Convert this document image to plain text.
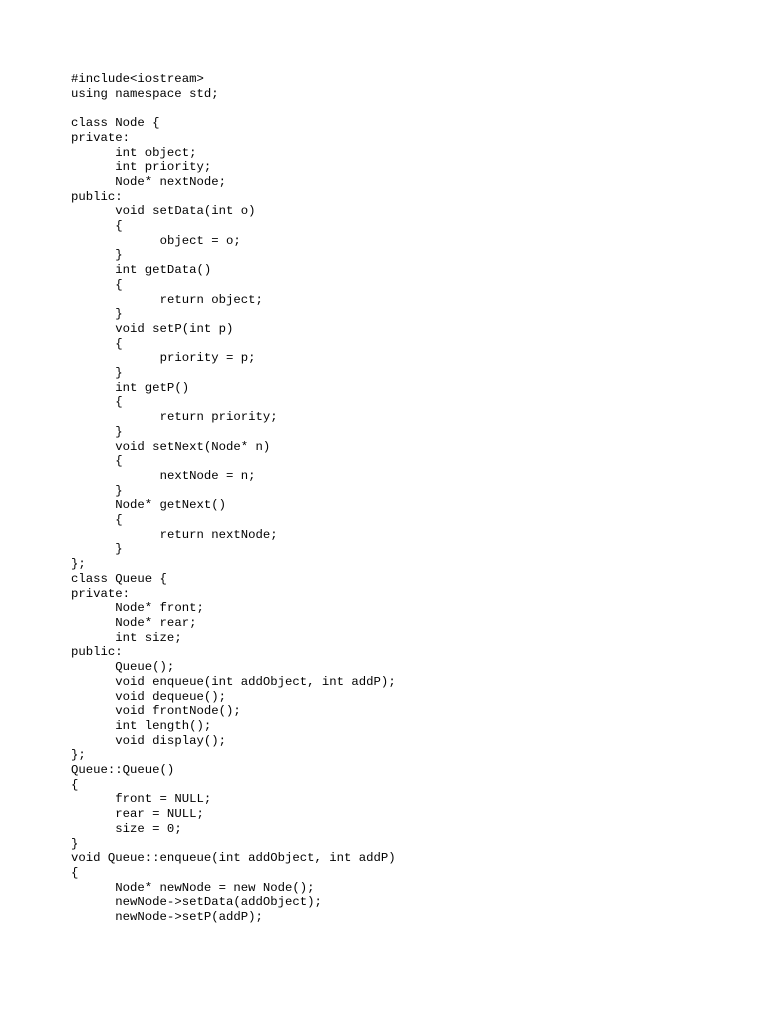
#include<iostream>
using namespace std;
class Node {
private:
	int object;
	int priority;
	Node* nextNode;
public:
	void setData(int o)
	{
		object = o;
	}
	int getData()
	{
		return object;
	}
	void setP(int p)
	{
		priority = p;
	}
	int getP()
	{
		return priority;
	}
	void setNext(Node* n)
	{
		nextNode = n;
	}
	Node* getNext()
	{
		return nextNode;
	}
};
class Queue {
private:
	Node* front;
	Node* rear;
	int size;
public:
	Queue();
	void enqueue(int addObject, int addP);
	void dequeue();
	void frontNode();
	int length();
	void display();
};
Queue::Queue()
{
	front = NULL;
	rear = NULL;
	size = 0;
}
void Queue::enqueue(int addObject, int addP)
{
	Node* newNode = new Node();
	newNode->setData(addObject);
	newNode->setP(addP);
